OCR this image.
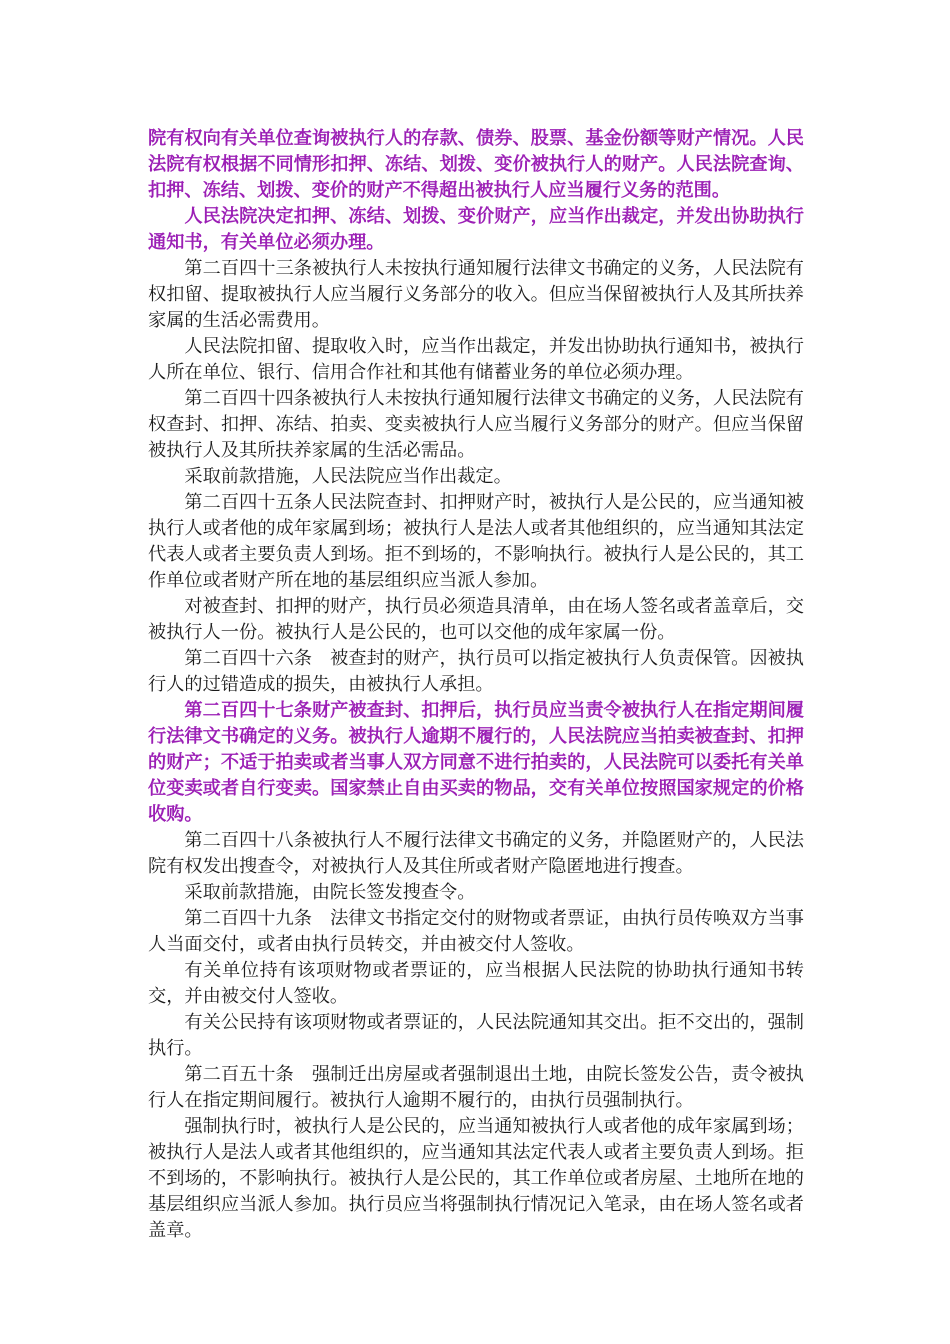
院有权向有关单位查询被执行人的存款、债券、股票、基金份额等财产情况。人民法院有权根据不同情形扣押、冻结、划拨、变价被执行人的财产。人民法院查询、扣押、冻结、划拨、变价的财产不得超出被执行人应当履行义务的范围。

人民法院决定扣押、冻结、划拨、变价财产，应当作出裁定，并发出协助执行通知书，有关单位必须办理。

第二百四十三条被执行人未按执行通知履行法律文书确定的义务，人民法院有权扣留、提取被执行人应当履行义务部分的收入。但应当保留被执行人及其所扶养家属的生活必需费用。

人民法院扣留、提取收入时，应当作出裁定，并发出协助执行通知书，被执行人所在单位、银行、信用合作社和其他有储蓄业务的单位必须办理。

第二百四十四条被执行人未按执行通知履行法律文书确定的义务，人民法院有权查封、扣押、冻结、拍卖、变卖被执行人应当履行义务部分的财产。但应当保留被执行人及其所扶养家属的生活必需品。

采取前款措施，人民法院应当作出裁定。

第二百四十五条人民法院查封、扣押财产时，被执行人是公民的，应当通知被执行人或者他的成年家属到场；被执行人是法人或者其他组织的，应当通知其法定代表人或者主要负责人到场。拒不到场的，不影响执行。被执行人是公民的，其工作单位或者财产所在地的基层组织应当派人参加。

对被查封、扣押的财产，执行员必须造具清单，由在场人签名或者盖章后，交被执行人一份。被执行人是公民的，也可以交他的成年家属一份。

第二百四十六条　被查封的财产，执行员可以指定被执行人负责保管。因被执行人的过错造成的损失，由被执行人承担。

第二百四十七条财产被查封、扣押后，执行员应当责令被执行人在指定期间履行法律文书确定的义务。被执行人逾期不履行的，人民法院应当拍卖被查封、扣押的财产；不适于拍卖或者当事人双方同意不进行拍卖的，人民法院可以委托有关单位变卖或者自行变卖。国家禁止自由买卖的物品，交有关单位按照国家规定的价格收购。

第二百四十八条被执行人不履行法律文书确定的义务，并隐匿财产的，人民法院有权发出搜查令，对被执行人及其住所或者财产隐匿地进行搜查。

采取前款措施，由院长签发搜查令。

第二百四十九条　法律文书指定交付的财物或者票证，由执行员传唤双方当事人当面交付，或者由执行员转交，并由被交付人签收。

有关单位持有该项财物或者票证的，应当根据人民法院的协助执行通知书转交，并由被交付人签收。

有关公民持有该项财物或者票证的，人民法院通知其交出。拒不交出的，强制执行。

第二百五十条　强制迁出房屋或者强制退出土地，由院长签发公告，责令被执行人在指定期间履行。被执行人逾期不履行的，由执行员强制执行。

强制执行时，被执行人是公民的，应当通知被执行人或者他的成年家属到场；被执行人是法人或者其他组织的，应当通知其法定代表人或者主要负责人到场。拒不到场的，不影响执行。被执行人是公民的，其工作单位或者房屋、土地所在地的基层组织应当派人参加。执行员应当将强制执行情况记入笔录，由在场人签名或者盖章。
